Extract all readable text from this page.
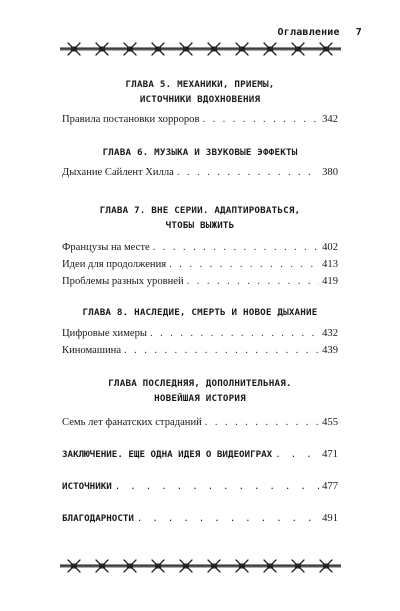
Оглавление 7
ГЛАВА 5. МЕХАНИКИ, ПРИЕМЫ,
ИСТОЧНИКИ ВДОХНОВЕНИЯ
Правила постановки хорроров . . .	342
ГЛАВА 6. МУЗЫКА И ЗВУКОВЫЕ ЭФФЕКТЫ
Дыхание Сайлент Хилла . . .	380
ГЛАВА 7. ВНЕ СЕРИИ. АДАПТИРОВАТЬСЯ,
ЧТОБЫ ВЫЖИТЬ
Французы на месте . . .	402
Идеи для продолжения . . .	413
Проблемы разных уровней . . .	419
ГЛАВА 8. НАСЛЕДИЕ, СМЕРТЬ И НОВОЕ ДЫХАНИЕ
Цифровые химеры . . .	432
Киномашина . . .	439
ГЛАВА ПОСЛЕДНЯЯ, ДОПОЛНИТЕЛЬНАЯ.
НОВЕЙШАЯ ИСТОРИЯ
Семь лет фанатских страданий . . .	455
ЗАКЛЮЧЕНИЕ. ЕЩЕ ОДНА ИДЕЯ О ВИДЕОИГРАХ . . .	471
ИСТОЧНИКИ . . .	477
БЛАГОДАРНОСТИ . . .	491
